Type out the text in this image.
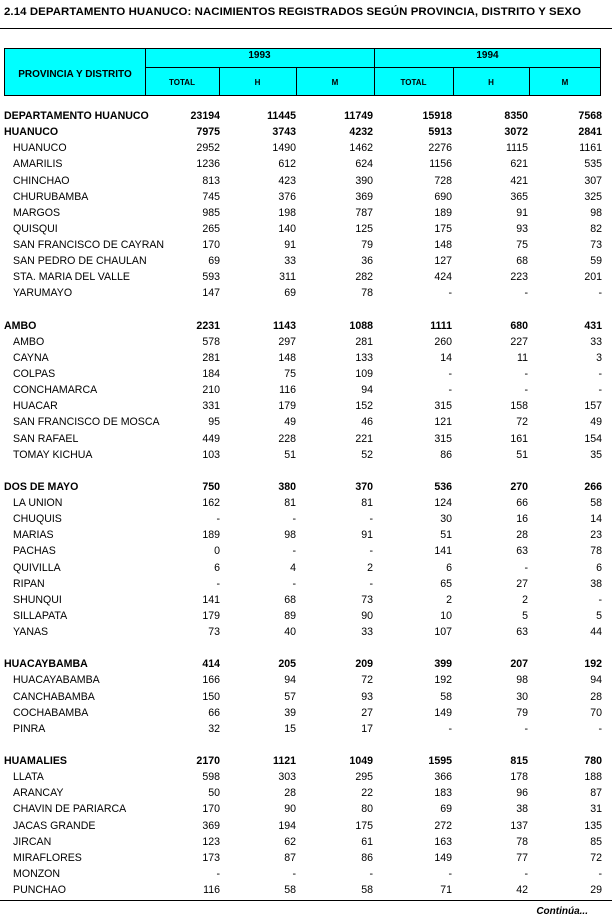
2.14 DEPARTAMENTO HUANUCO: NACIMIENTOS REGISTRADOS SEGÚN PROVINCIA, DISTRITO Y SEXO
1993	1994
PROVINCIA Y DISTRITO
TOTAL	H	M	TOTAL	H	M
DEPARTAMENTO HUANUCO	23194	11445	11749	15918	8350	7568
HUANUCO	7975	3743	4232	5913	3072	2841
HUANUCO	2952	1490	1462	2276	1115	1161
AMARILIS	1236	612	624	1156	621	535
CHINCHAO	813	423	390	728	421	307
CHURUBAMBA	745	376	369	690	365	325
MARGOS	985	198	787	189	91	98
QUISQUI	265	140	125	175	93	82
SAN FRANCISCO DE CAYRAN	170	91	79	148	75	73
SAN PEDRO DE CHAULAN	69	33	36	127	68	59
STA. MARIA DEL VALLE	593	311	282	424	223	201
YARUMAYO	147	69	78	-	-	-
AMBO	2231	1143	1088	1111	680	431
AMBO	578	297	281	260	227	33
CAYNA	281	148	133	14	11	3
COLPAS	184	75	109	-	-	-
CONCHAMARCA	210	116	94	-	-	-
HUACAR	331	179	152	315	158	157
SAN FRANCISCO DE MOSCA	95	49	46	121	72	49
SAN RAFAEL	449	228	221	315	161	154
TOMAY KICHUA	103	51	52	86	51	35
DOS DE MAYO	750	380	370	536	270	266
LA UNION	162	81	81	124	66	58
CHUQUIS	-	-	-	30	16	14
MARIAS	189	98	91	51	28	23
PACHAS	0	-	-	141	63	78
QUIVILLA	6	4	2	6	-	6
RIPAN	-	-	-	65	27	38
SHUNQUI	141	68	73	2	2	-
SILLAPATA	179	89	90	10	5	5
YANAS	73	40	33	107	63	44
HUACAYBAMBA	414	205	209	399	207	192
HUACAYABAMBA	166	94	72	192	98	94
CANCHABAMBA	150	57	93	58	30	28
COCHABAMBA	66	39	27	149	79	70
PINRA	32	15	17	-	-	-
HUAMALIES	2170	1121	1049	1595	815	780
LLATA	598	303	295	366	178	188
ARANCAY	50	28	22	183	96	87
CHAVIN DE PARIARCA	170	90	80	69	38	31
JACAS GRANDE	369	194	175	272	137	135
JIRCAN	123	62	61	163	78	85
MIRAFLORES	173	87	86	149	77	72
MONZON	-	-	-	-	-	-
PUNCHAO	116	58	58	71	42	29
Continúa...
